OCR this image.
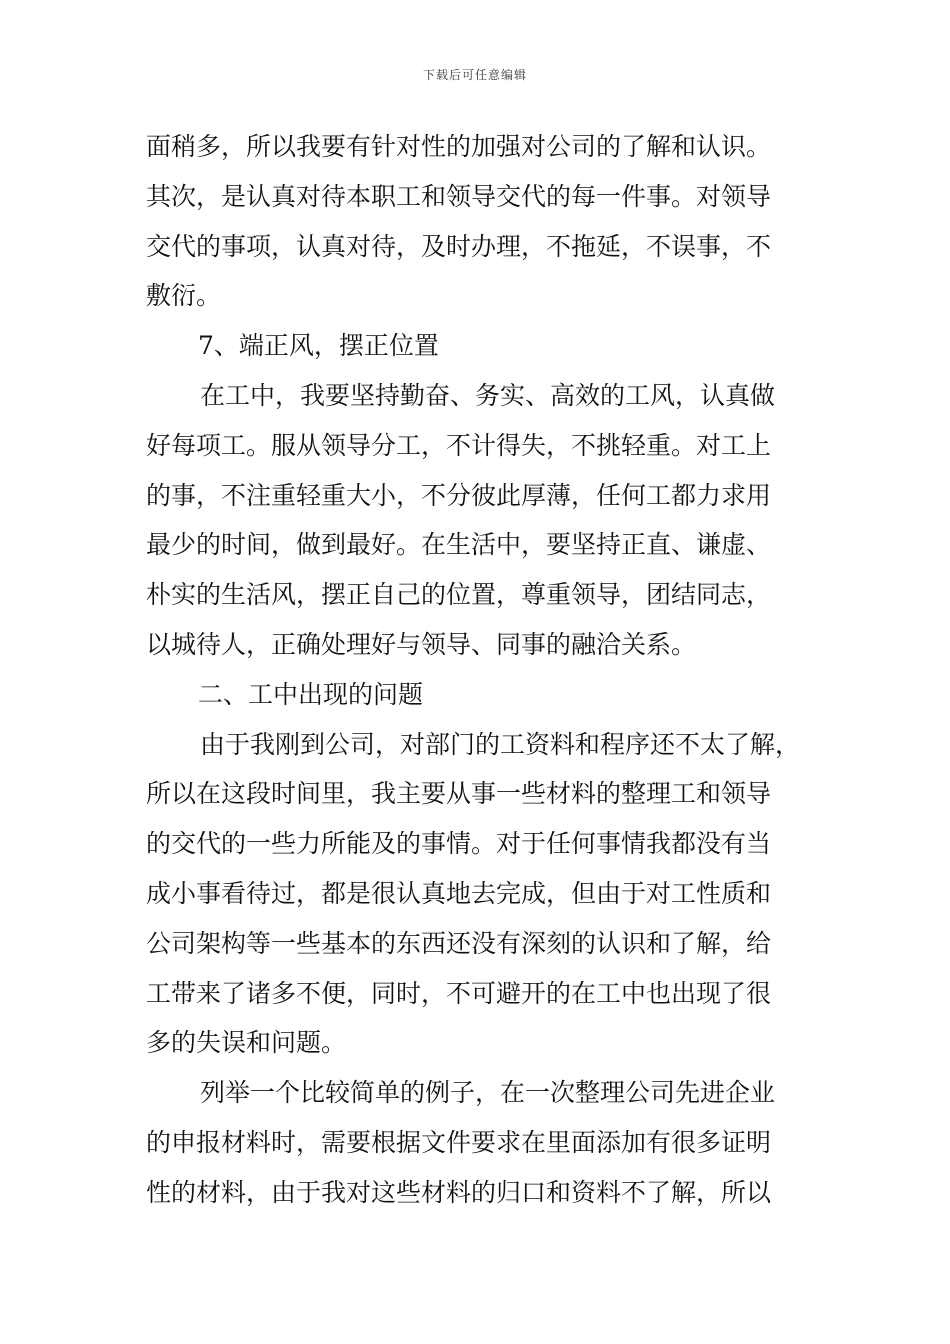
下载后可任意编辑
面稍多，所以我要有针对性的加强对公司的了解和认识。
其次，是认真对待本职工和领导交代的每一件事。对领导
交代的事项，认真对待，及时办理，不拖延，不误事，不
敷衍。
7、端正风，摆正位置
在工中，我要坚持勤奋、务实、高效的工风，认真做
好每项工。服从领导分工，不计得失，不挑轻重。对工上
的事，不注重轻重大小，不分彼此厚薄，任何工都力求用
最少的时间，做到最好。在生活中，要坚持正直、谦虚、
朴实的生活风，摆正自己的位置，尊重领导，团结同志，
以城待人，正确处理好与领导、同事的融洽关系。
二、工中出现的问题
由于我刚到公司，对部门的工资料和程序还不太了解，
所以在这段时间里，我主要从事一些材料的整理工和领导
的交代的一些力所能及的事情。对于任何事情我都没有当
成小事看待过，都是很认真地去完成，但由于对工性质和
公司架构等一些基本的东西还没有深刻的认识和了解，给
工带来了诸多不便，同时，不可避开的在工中也出现了很
多的失误和问题。
列举一个比较简单的例子，在一次整理公司先进企业
的申报材料时，需要根据文件要求在里面添加有很多证明
性的材料，由于我对这些材料的归口和资料不了解，所以
